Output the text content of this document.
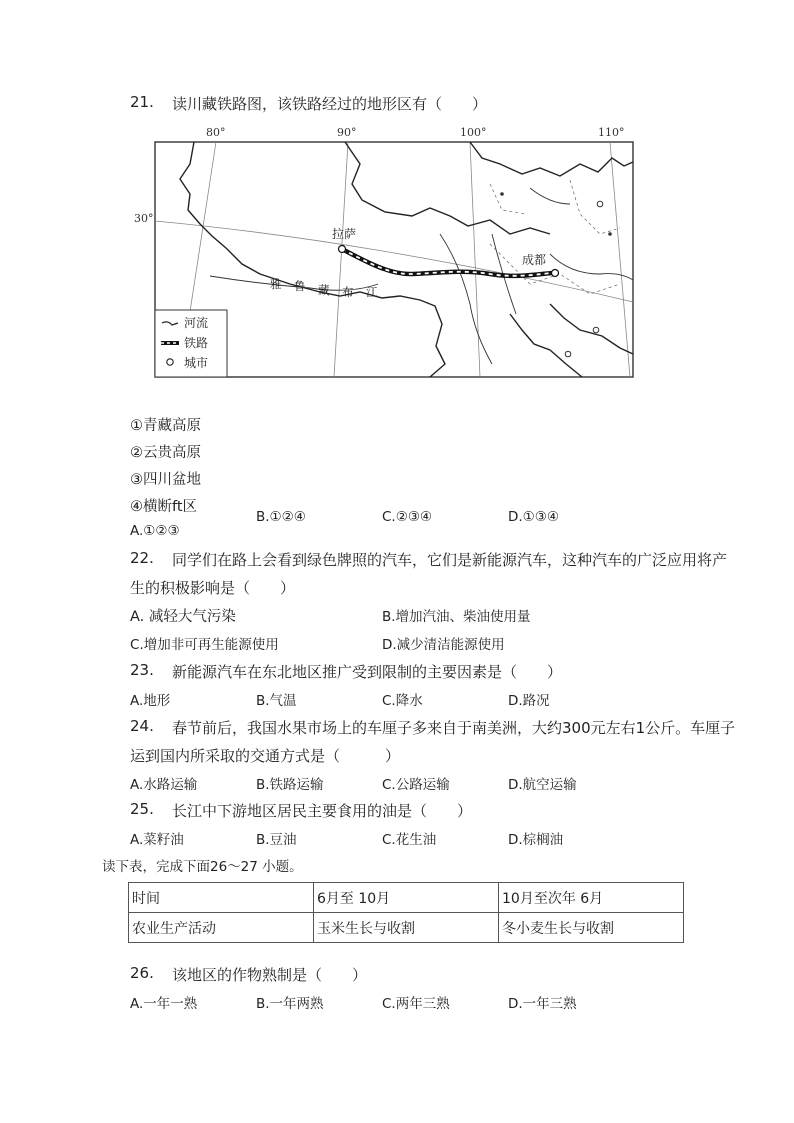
21. 读川藏铁路图，该铁路经过的地形区有（　　）
80°	90°	100°	110°
30°
拉萨
成都
雅 鲁 藏 布 江
河流
铁路
城市
①青藏高原
②云贵高原
③四川盆地
④横断ft区
A.①②③
B.①②④	C.②③④	D.①③④
22. 同学们在路上会看到绿色牌照的汽车，它们是新能源汽车，这种汽车的广泛应用将产
生的积极影响是（　　）
A. 减轻大气污染	B.增加汽油、柴油使用量
C.增加非可再生能源使用	D.减少清洁能源使用
23. 新能源汽车在东北地区推广受到限制的主要因素是（　　）
A.地形	B.气温	C.降水	D.路况
24. 春节前后，我国水果市场上的车厘子多来自于南美洲，大约300元左右1公斤。车厘子
运到国内所采取的交通方式是（　　　）
A.水路运输	B.铁路运输	C.公路运输	D.航空运输
25. 长江中下游地区居民主要食用的油是（　　）
A.菜籽油	B.豆油	C.花生油	D.棕榈油
读下表，完成下面26～27 小题。
时间	6月至 10月	10月至次年 6月
农业生产活动	玉米生长与收割	冬小麦生长与收割
26. 该地区的作物熟制是（　　）
A.一年一熟	B.一年两熟	C.两年三熟	D.一年三熟
